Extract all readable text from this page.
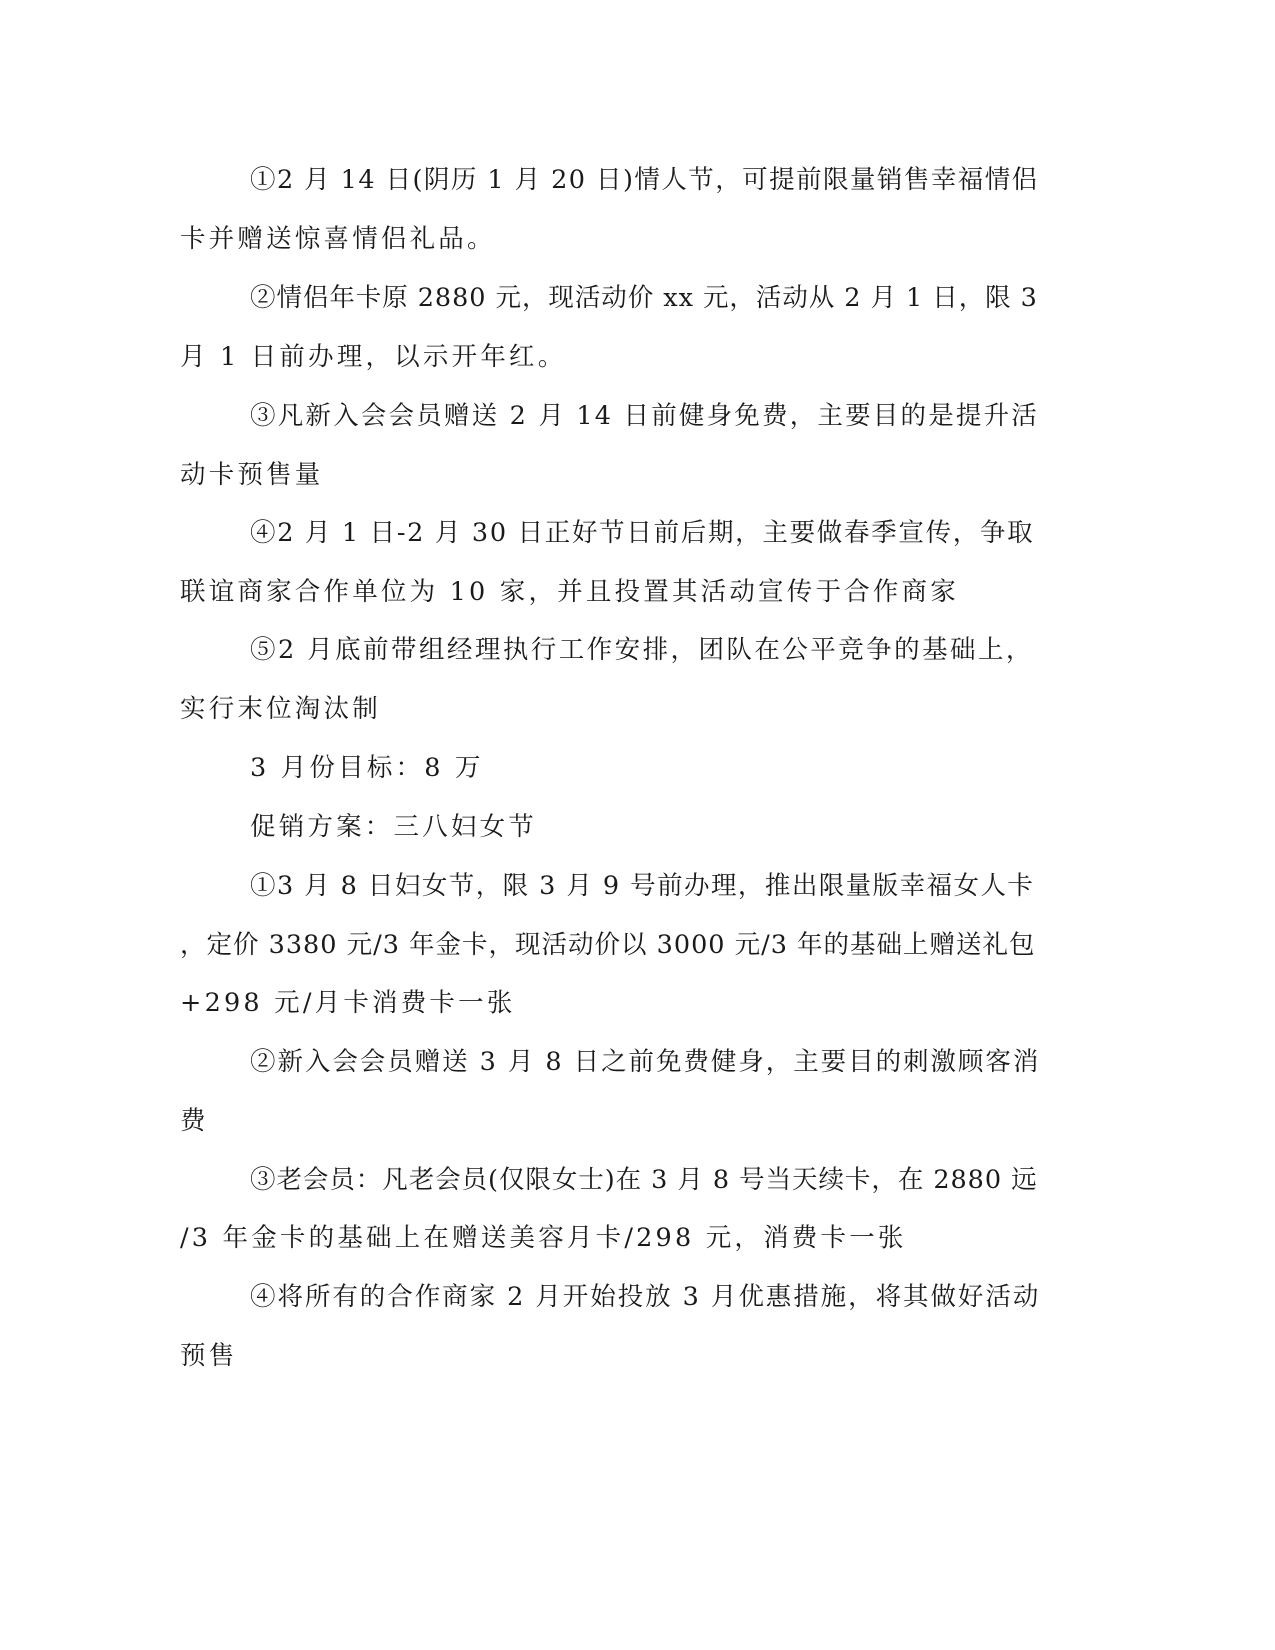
①2 月 14 日(阴历 1 月 20 日)情人节，可提前限量销售幸福情侣
卡并赠送惊喜情侣礼品。
②情侣年卡原 2880 元，现活动价 xx 元，活动从 2 月 1 日，限 3
月 1 日前办理，以示开年红。
③凡新入会会员赠送 2 月 14 日前健身免费，主要目的是提升活
动卡预售量
④2 月 1 日-2 月 30 日正好节日前后期，主要做春季宣传，争取
联谊商家合作单位为 10 家，并且投置其活动宣传于合作商家
⑤2 月底前带组经理执行工作安排，团队在公平竞争的基础上，
实行末位淘汰制
3 月份目标：8 万
促销方案：三八妇女节
①3 月 8 日妇女节，限 3 月 9 号前办理，推出限量版幸福女人卡
，定价 3380 元/3 年金卡，现活动价以 3000 元/3 年的基础上赠送礼包
+298 元/月卡消费卡一张
②新入会会员赠送 3 月 8 日之前免费健身，主要目的刺激顾客消
费
③老会员：凡老会员(仅限女士)在 3 月 8 号当天续卡，在 2880 远
/3 年金卡的基础上在赠送美容月卡/298 元，消费卡一张
④将所有的合作商家 2 月开始投放 3 月优惠措施，将其做好活动
预售
